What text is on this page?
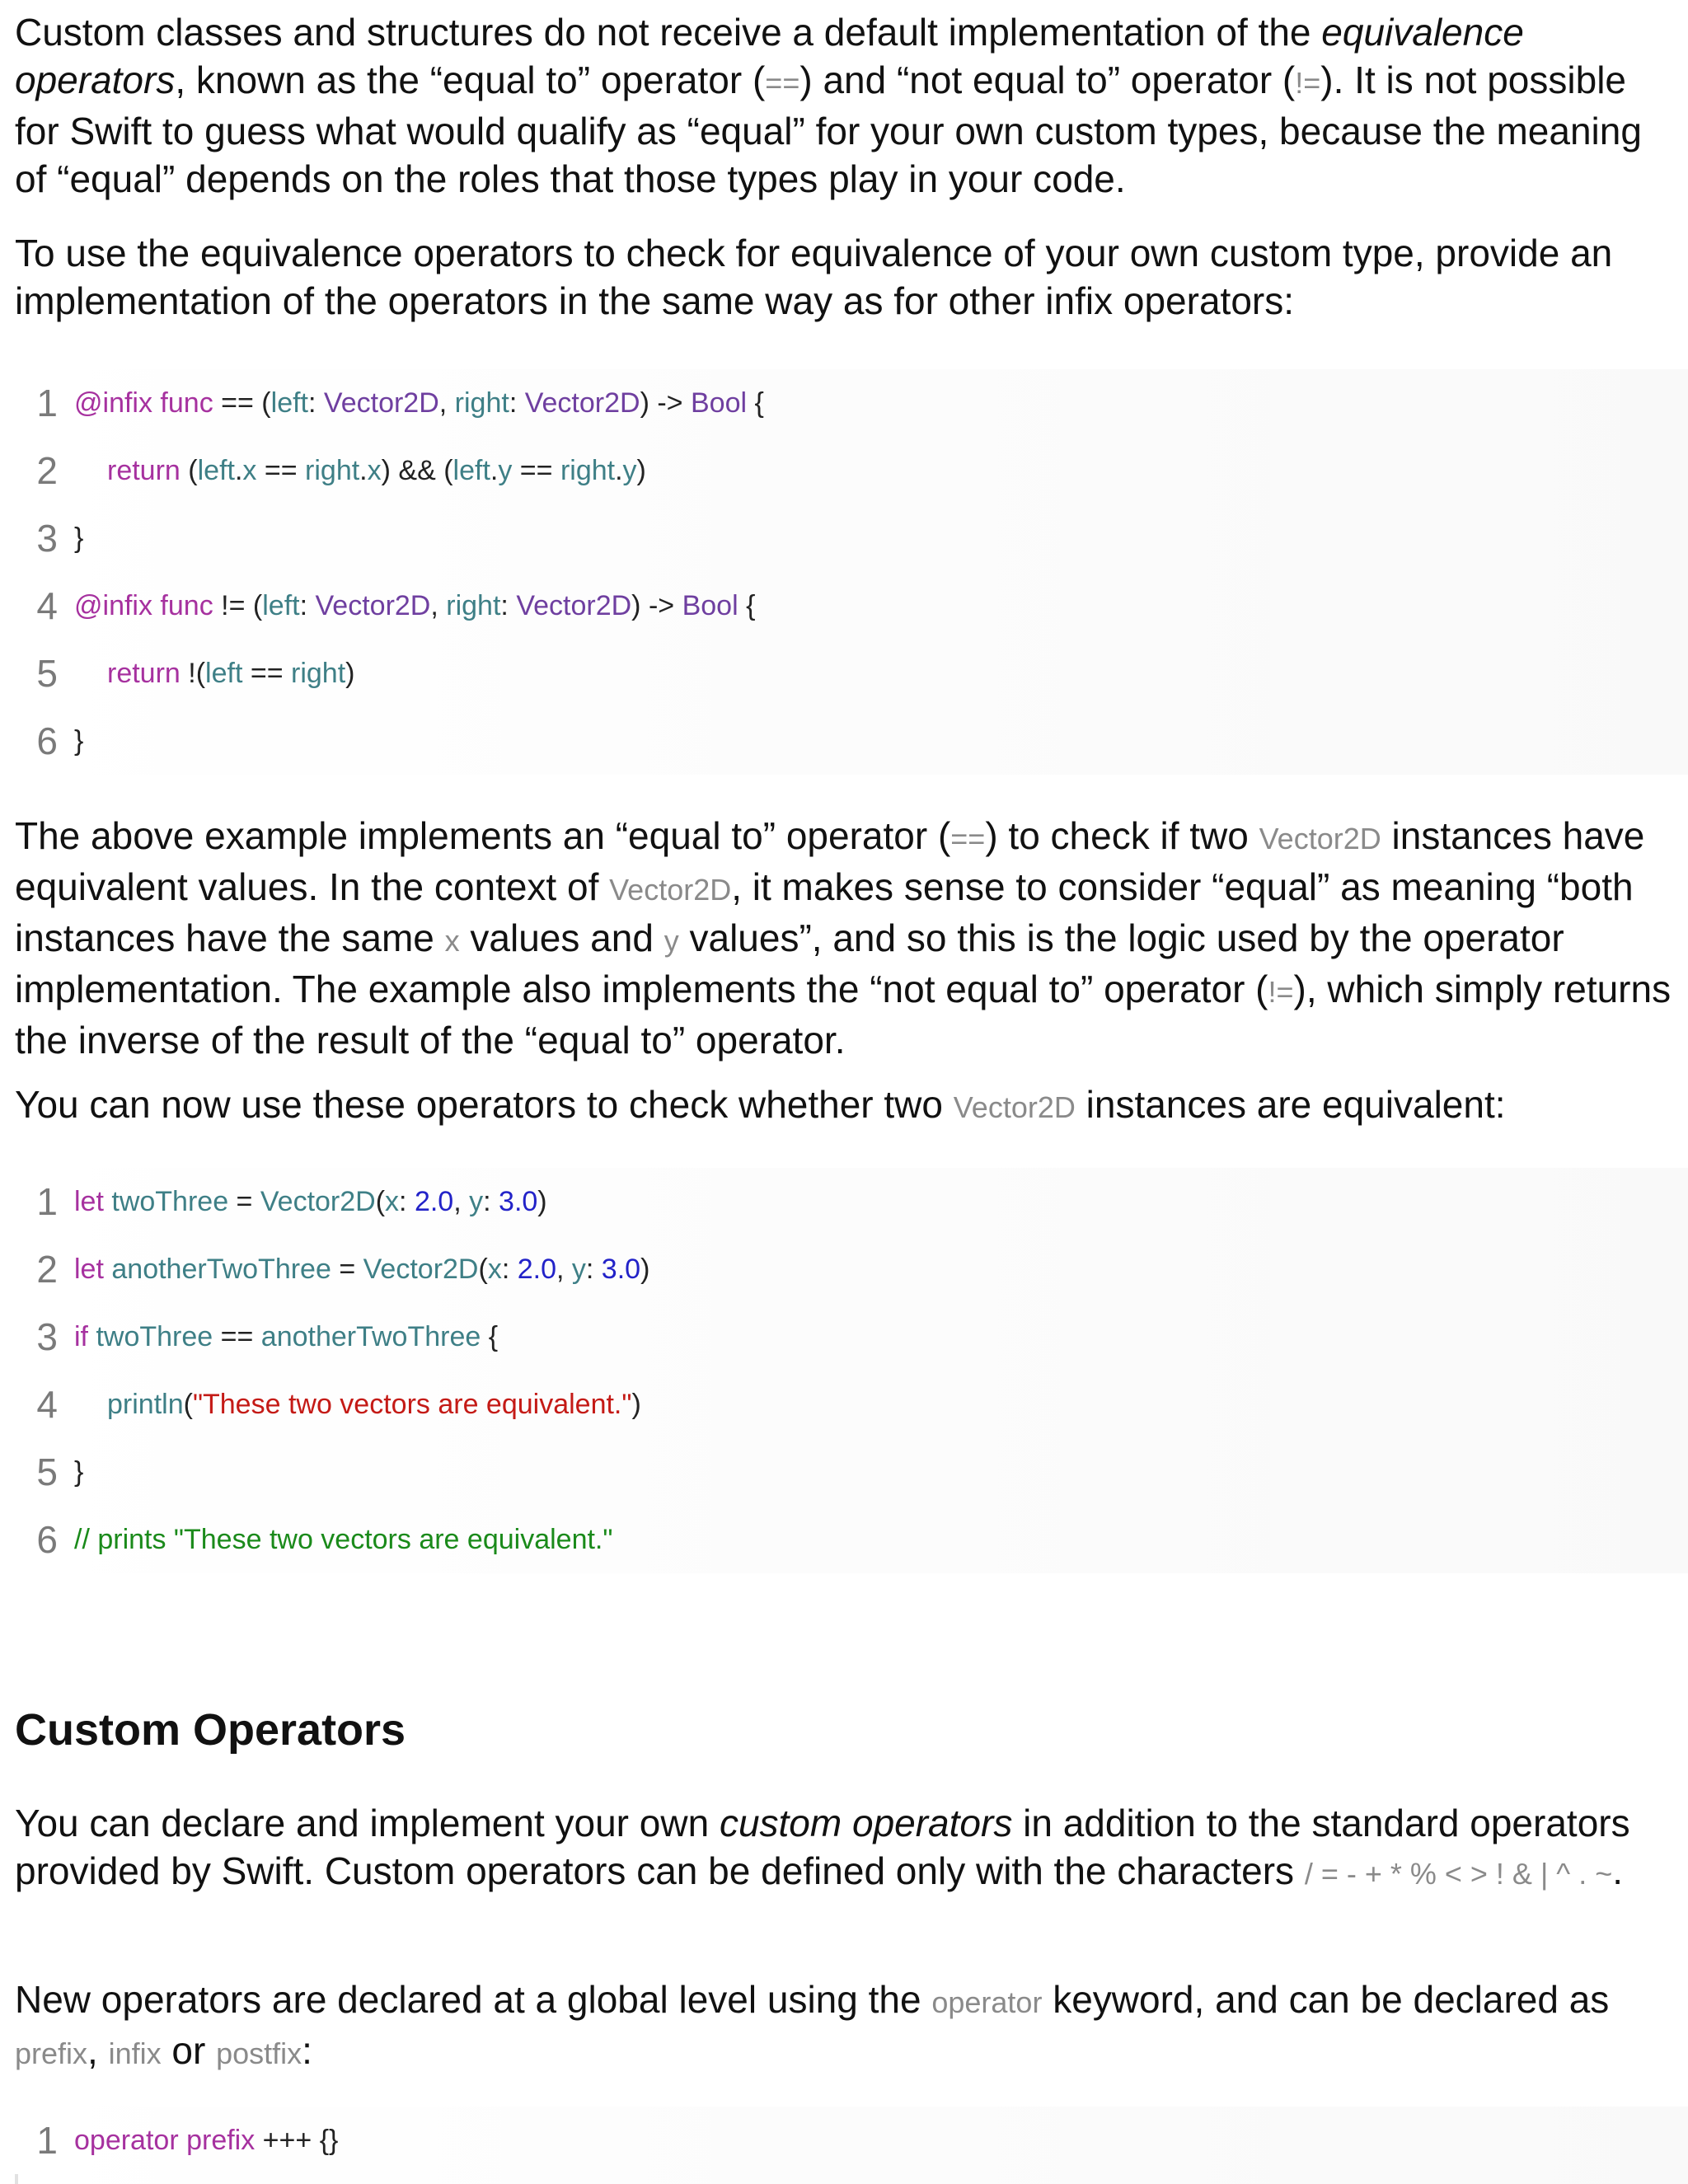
Custom classes and structures do not receive a default implementation of the equivalence operators, known as the “equal to” operator (==) and “not equal to” operator (!=). It is not possible for Swift to guess what would qualify as “equal” for your own custom types, because the meaning of “equal” depends on the roles that those types play in your code.

To use the equivalence operators to check for equivalence of your own custom type, provide an implementation of the operators in the same way as for other infix operators:

1 @infix func == (left: Vector2D, right: Vector2D) -> Bool {
2 return (left.x == right.x) && (left.y == right.y)
3 }
4 @infix func != (left: Vector2D, right: Vector2D) -> Bool {
5 return !(left == right)
6 }

The above example implements an “equal to” operator (==) to check if two Vector2D instances have equivalent values. In the context of Vector2D, it makes sense to consider “equal” as meaning “both instances have the same x values and y values”, and so this is the logic used by the operator implementation. The example also implements the “not equal to” operator (!=), which simply returns the inverse of the result of the “equal to” operator.

You can now use these operators to check whether two Vector2D instances are equivalent:

1 let twoThree = Vector2D(x: 2.0, y: 3.0)
2 let anotherTwoThree = Vector2D(x: 2.0, y: 3.0)
3 if twoThree == anotherTwoThree {
4 println("These two vectors are equivalent.")
5 }
6 // prints "These two vectors are equivalent."
Custom Operators

You can declare and implement your own custom operators in addition to the standard operators provided by Swift. Custom operators can be defined only with the characters / = - + * % < > ! & | ^ . ~.

New operators are declared at a global level using the operator keyword, and can be declared as prefix, infix or postfix:

1 operator prefix +++ {}
